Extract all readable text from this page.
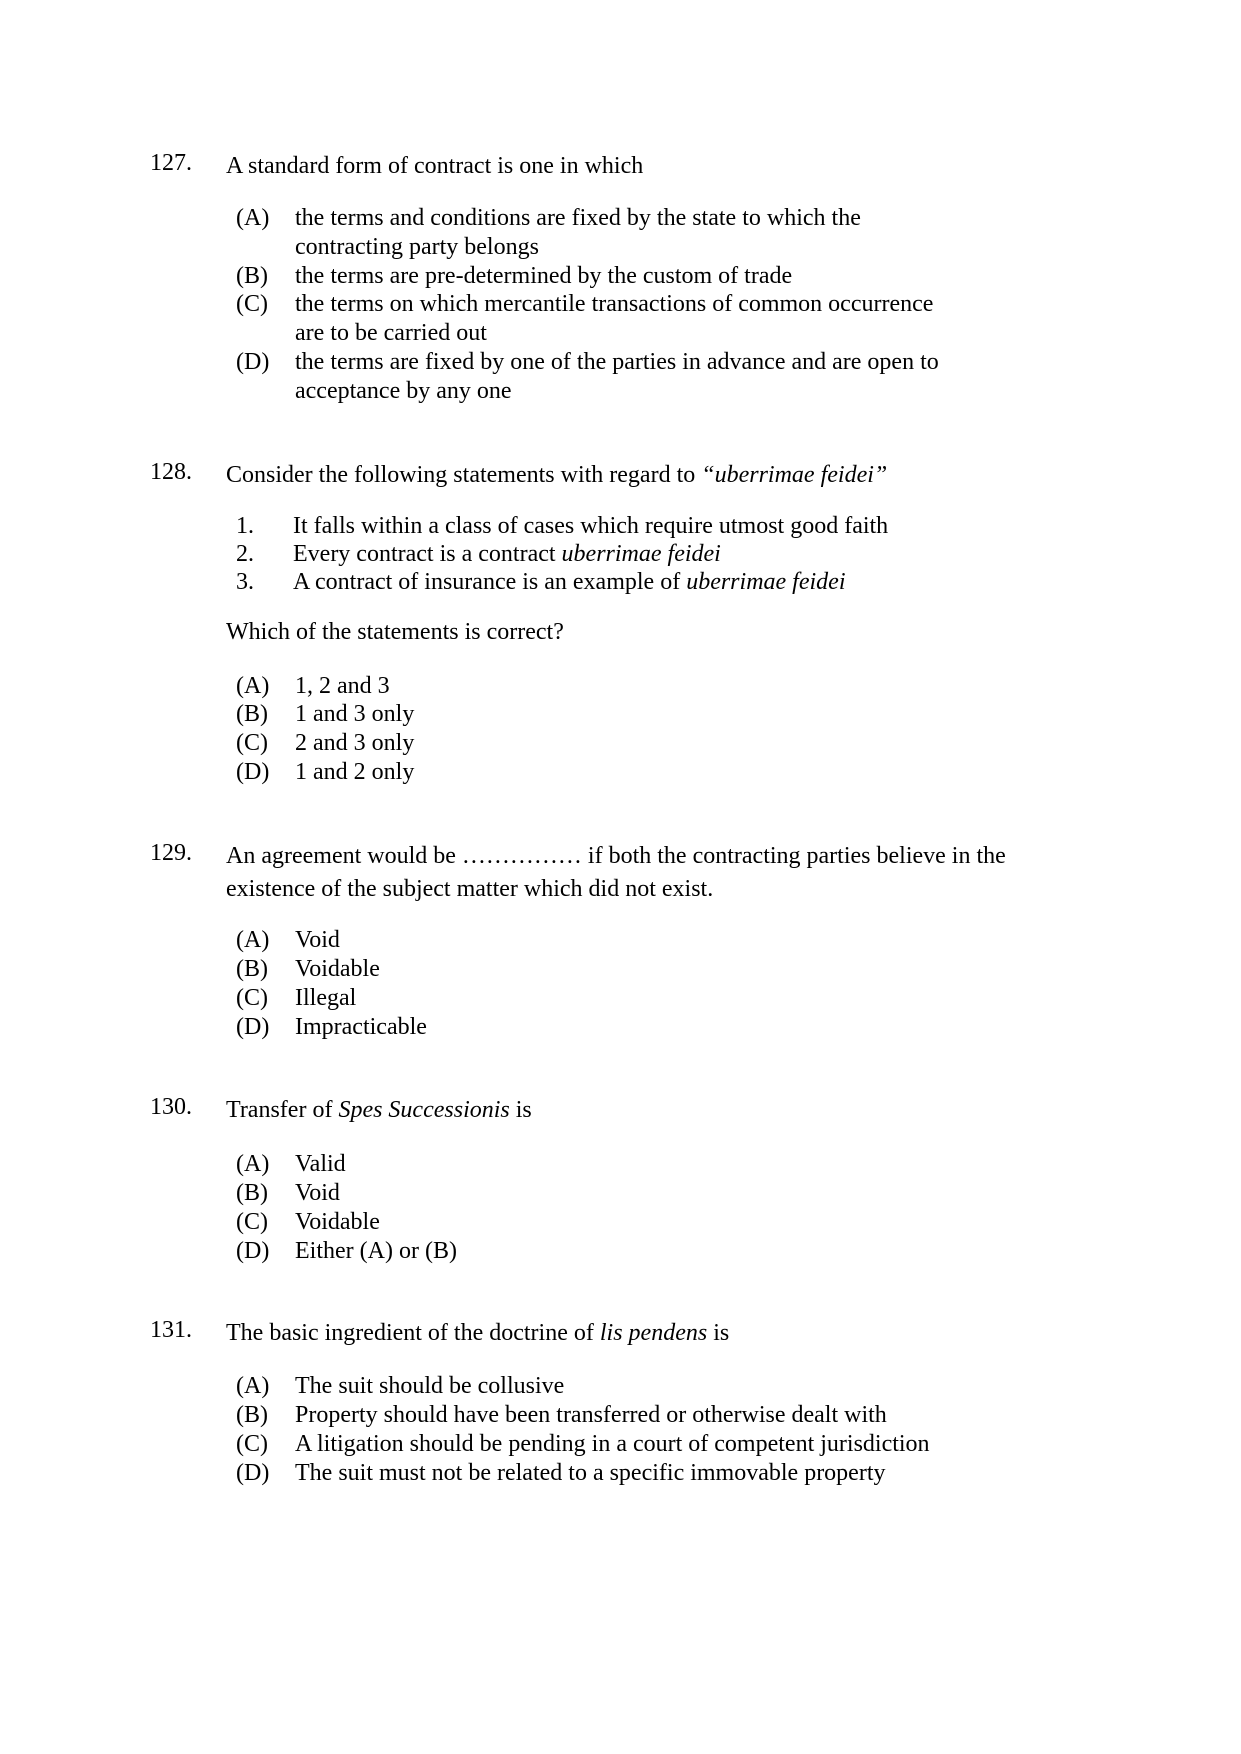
127. A standard form of contract is one in which
(A) the terms and conditions are fixed by the state to which the
contracting party belongs
(B) the terms are pre-determined by the custom of trade
(C) the terms on which mercantile transactions of common occurrence
are to be carried out
(D) the terms are fixed by one of the parties in advance and are open to
acceptance by any one
128. Consider the following statements with regard to “uberrimae feidei”
1. It falls within a class of cases which require utmost good faith
2. Every contract is a contract uberrimae feidei
3. A contract of insurance is an example of uberrimae feidei
Which of the statements is correct?
(A) 1, 2 and 3
(B) 1 and 3 only
(C) 2 and 3 only
(D) 1 and 2 only
129. An agreement would be …………… if both the contracting parties believe in the
existence of the subject matter which did not exist.
(A) Void
(B) Voidable
(C) Illegal
(D) Impracticable
130. Transfer of Spes Successionis is
(A) Valid
(B) Void
(C) Voidable
(D) Either (A) or (B)
131. The basic ingredient of the doctrine of lis pendens is
(A) The suit should be collusive
(B) Property should have been transferred or otherwise dealt with
(C) A litigation should be pending in a court of competent jurisdiction
(D) The suit must not be related to a specific immovable property
